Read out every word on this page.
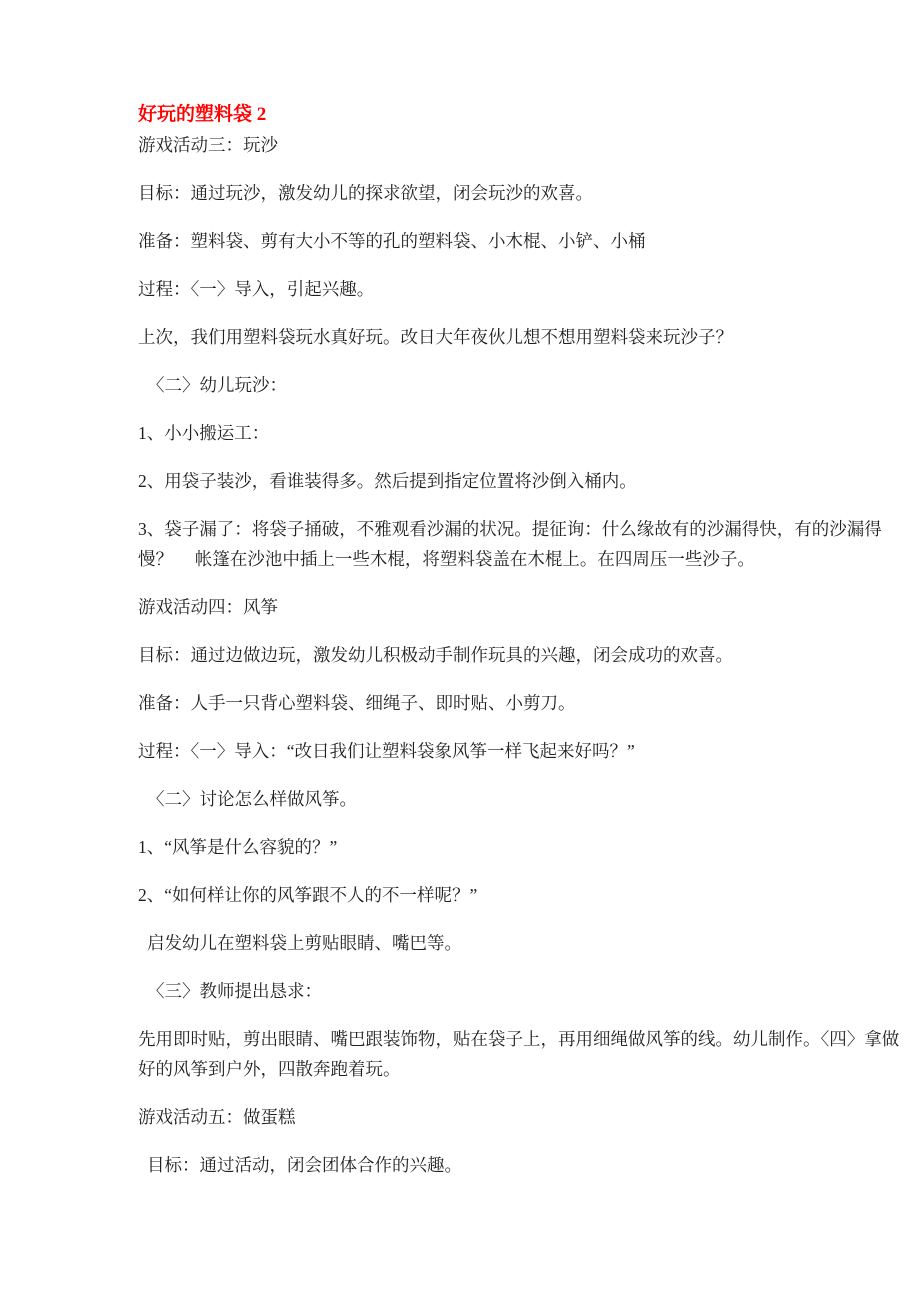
好玩的塑料袋 2

游戏活动三：玩沙

目标：通过玩沙，激发幼儿的探求欲望，闭会玩沙的欢喜。

准备：塑料袋、剪有大小不等的孔的塑料袋、小木棍、小铲、小桶

过程：〈一〉导入，引起兴趣。

上次，我们用塑料袋玩水真好玩。改日大年夜伙儿想不想用塑料袋来玩沙子？

〈二〉幼儿玩沙：

1、小小搬运工：

2、用袋子装沙，看谁装得多。然后提到指定位置将沙倒入桶内。

3、袋子漏了：将袋子捅破，不雅观看沙漏的状况。提征询：什么缘故有的沙漏得快，有的沙漏得慢？　 帐篷在沙池中插上一些木棍，将塑料袋盖在木棍上。在四周压一些沙子。

游戏活动四：风筝

目标：通过边做边玩，激发幼儿积极动手制作玩具的兴趣，闭会成功的欢喜。

准备：人手一只背心塑料袋、细绳子、即时贴、小剪刀。

过程：〈一〉导入：“改日我们让塑料袋象风筝一样飞起来好吗？”

〈二〉讨论怎么样做风筝。

1、“风筝是什么容貌的？”

2、“如何样让你的风筝跟不人的不一样呢？”

启发幼儿在塑料袋上剪贴眼睛、嘴巴等。

〈三〉教师提出恳求：

先用即时贴，剪出眼睛、嘴巴跟装饰物，贴在袋子上，再用细绳做风筝的线。幼儿制作。〈四〉拿做好的风筝到户外，四散奔跑着玩。

游戏活动五：做蛋糕

目标：通过活动，闭会团体合作的兴趣。
